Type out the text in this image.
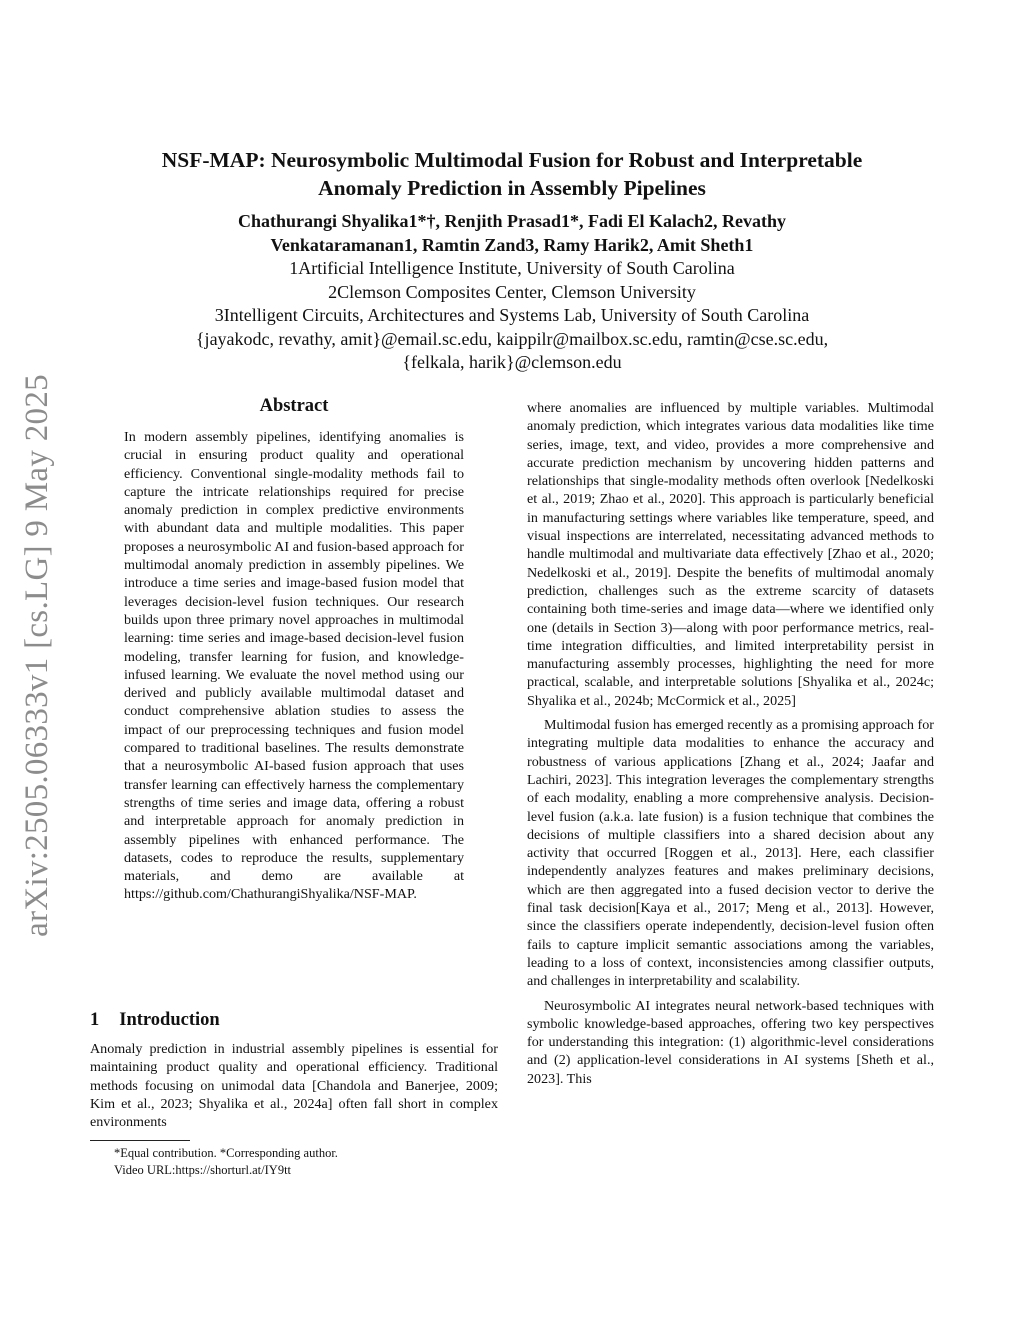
arXiv:2505.06333v1 [cs.LG] 9 May 2025
NSF-MAP: Neurosymbolic Multimodal Fusion for Robust and Interpretable
Anomaly Prediction in Assembly Pipelines
Chathurangi Shyalika1*†, Renjith Prasad1*, Fadi El Kalach2, Revathy
Venkataramanan1, Ramtin Zand3, Ramy Harik2, Amit Sheth1
1Artificial Intelligence Institute, University of South Carolina
2Clemson Composites Center, Clemson University
3Intelligent Circuits, Architectures and Systems Lab, University of South Carolina
{jayakodc, revathy, amit}@email.sc.edu, kaippilr@mailbox.sc.edu, ramtin@cse.sc.edu,
{felkala, harik}@clemson.edu
Abstract

In modern assembly pipelines, identifying anomalies is crucial in ensuring product quality and operational efficiency. Conventional single-modality methods fail to capture the intricate relationships required for precise anomaly prediction in complex predictive environments with abundant data and multiple modalities. This paper proposes a neurosymbolic AI and fusion-based approach for multimodal anomaly prediction in assembly pipelines. We introduce a time series and image-based fusion model that leverages decision-level fusion techniques. Our research builds upon three primary novel approaches in multimodal learning: time series and image-based decision-level fusion modeling, transfer learning for fusion, and knowledge-infused learning. We evaluate the novel method using our derived and publicly available multimodal dataset and conduct comprehensive ablation studies to assess the impact of our preprocessing techniques and fusion model compared to traditional baselines. The results demonstrate that a neurosymbolic AI-based fusion approach that uses transfer learning can effectively harness the complementary strengths of time series and image data, offering a robust and interpretable approach for anomaly prediction in assembly pipelines with enhanced performance. The datasets, codes to reproduce the results, supplementary materials, and demo are available at https://github.com/ChathurangiShyalika/NSF-MAP.

1 Introduction

Anomaly prediction in industrial assembly pipelines is essential for maintaining product quality and operational efficiency. Traditional methods focusing on unimodal data [Chandola and Banerjee, 2009; Kim et al., 2023; Shyalika et al., 2024a] often fall short in complex environments

where anomalies are influenced by multiple variables. Multimodal anomaly prediction, which integrates various data modalities like time series, image, text, and video, provides a more comprehensive and accurate prediction mechanism by uncovering hidden patterns and relationships that single-modality methods often overlook [Nedelkoski et al., 2019; Zhao et al., 2020]. This approach is particularly beneficial in manufacturing settings where variables like temperature, speed, and visual inspections are interrelated, necessitating advanced methods to handle multimodal and multivariate data effectively [Zhao et al., 2020; Nedelkoski et al., 2019]. Despite the benefits of multimodal anomaly prediction, challenges such as the extreme scarcity of datasets containing both time-series and image data—where we identified only one (details in Section 3)—along with poor performance metrics, real-time integration difficulties, and limited interpretability persist in manufacturing assembly processes, highlighting the need for more practical, scalable, and interpretable solutions [Shyalika et al., 2024c; Shyalika et al., 2024b; McCormick et al., 2025]

Multimodal fusion has emerged recently as a promising approach for integrating multiple data modalities to enhance the accuracy and robustness of various applications [Zhang et al., 2024; Jaafar and Lachiri, 2023]. This integration leverages the complementary strengths of each modality, enabling a more comprehensive analysis. Decision-level fusion (a.k.a. late fusion) is a fusion technique that combines the decisions of multiple classifiers into a shared decision about any activity that occurred [Roggen et al., 2013]. Here, each classifier independently analyzes features and makes preliminary decisions, which are then aggregated into a fused decision vector to derive the final task decision[Kaya et al., 2017; Meng et al., 2013]. However, since the classifiers operate independently, decision-level fusion often fails to capture implicit semantic associations among the variables, leading to a loss of context, inconsistencies among classifier outputs, and challenges in interpretability and scalability.

Neurosymbolic AI integrates neural network-based techniques with symbolic knowledge-based approaches, offering two key perspectives for understanding this integration: (1) algorithmic-level considerations and (2) application-level considerations in AI systems [Sheth et al., 2023]. This

*Equal contribution. *Corresponding author.
Video URL:https://shorturl.at/IY9tt
